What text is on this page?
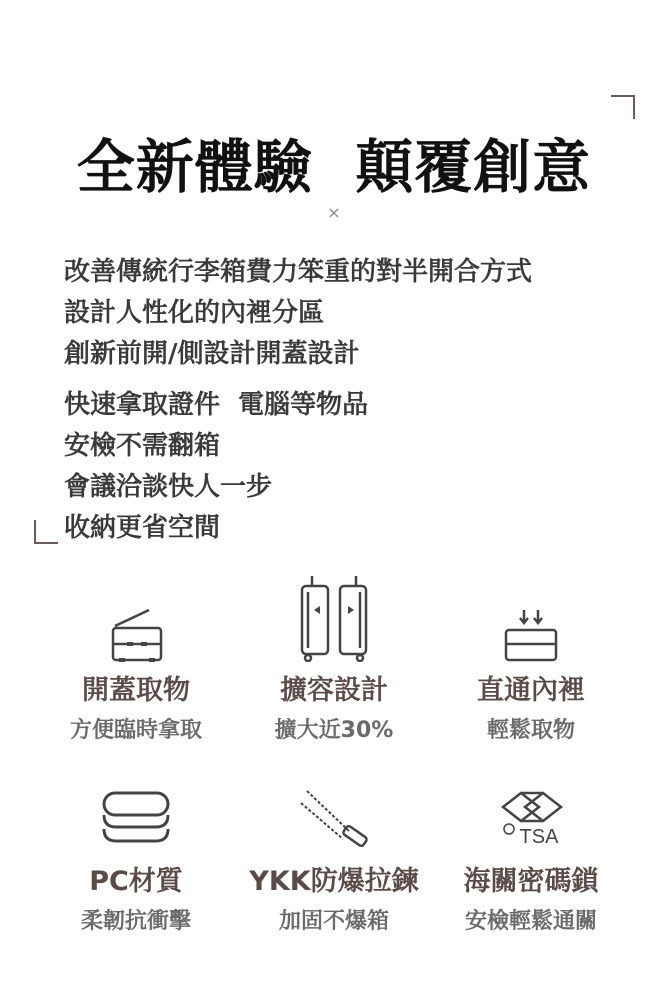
全新體驗  顛覆創意
×
改善傳統行李箱費力笨重的對半開合方式
設計人性化的內裡分區
創新前開/側設計開蓋設計
快速拿取證件  電腦等物品
安檢不需翻箱
會議洽談快人一步
收納更省空間
開蓋取物
方便臨時拿取
擴容設計
擴大近30%
直通內裡
輕鬆取物
PC材質
柔韌抗衝擊
YKK防爆拉鍊
加固不爆箱
TSA
海關密碼鎖
安檢輕鬆通關
